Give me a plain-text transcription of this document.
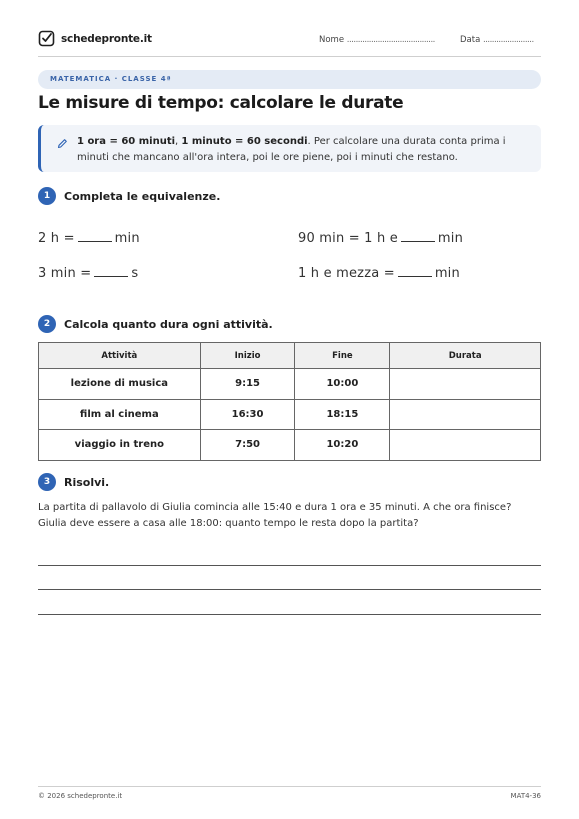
schedepronte.it	Nome ........................................	Data .......................
MATEMATICA · CLASSE 4ª
Le misure di tempo: calcolare le durate
1 ora = 60 minuti, 1 minuto = 60 secondi. Per calcolare una durata conta prima i minuti che mancano all'ora intera, poi le ore piene, poi i minuti che restano.
1	Completa le equivalenze.
2 h =	min	90 min = 1 h e	min
3 min =	s	1 h e mezza =	min
2	Calcola quanto dura ogni attività.
Attività	Inizio	Fine	Durata
lezione di musica	9:15	10:00	
film al cinema	16:30	18:15	
viaggio in treno	7:50	10:20	
3	Risolvi.
La partita di pallavolo di Giulia comincia alle 15:40 e dura 1 ora e 35 minuti. A che ora finisce? Giulia deve essere a casa alle 18:00: quanto tempo le resta dopo la partita?
© 2026 schedepronte.it	MAT4-36
